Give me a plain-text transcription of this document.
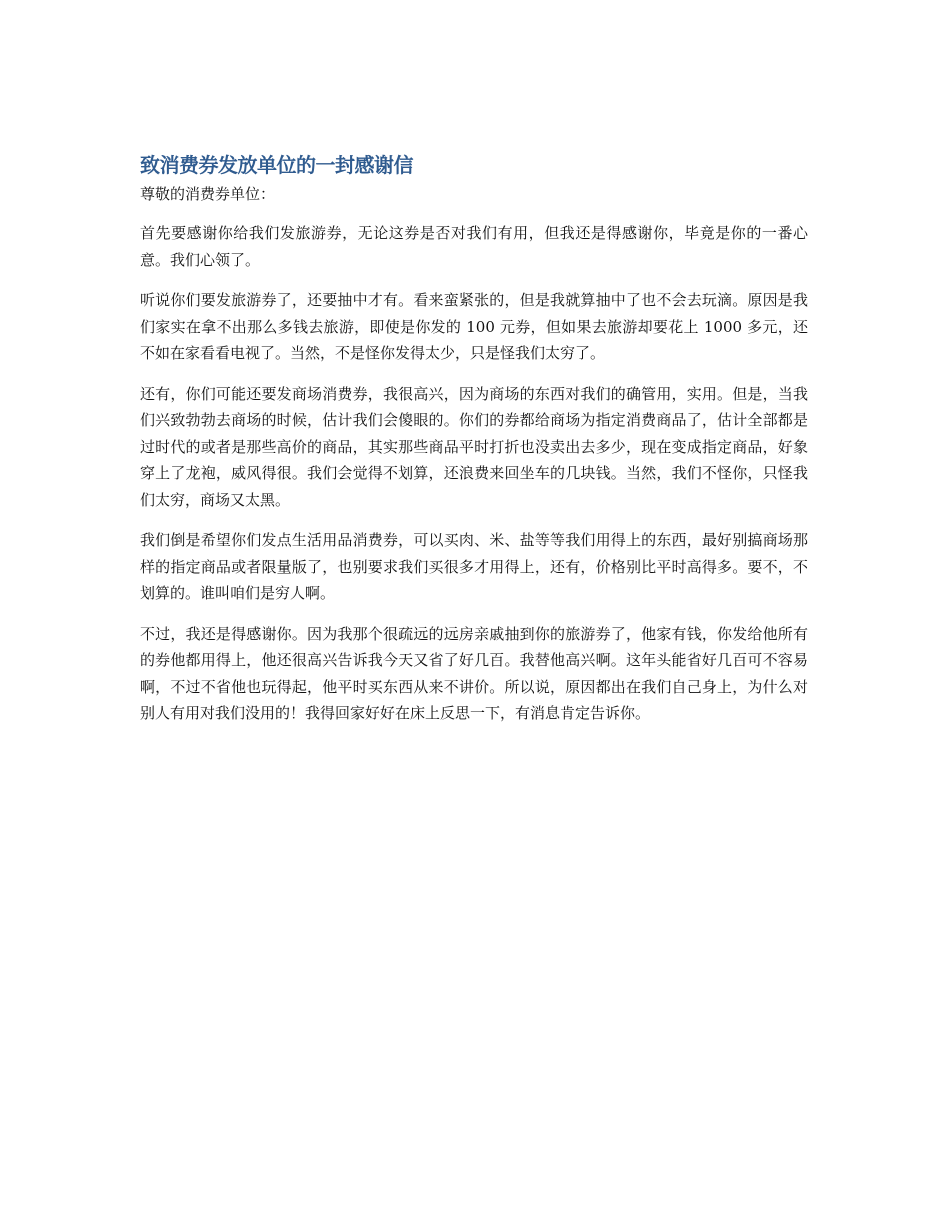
致消费券发放单位的一封感谢信

尊敬的消费券单位：

首先要感谢你给我们发旅游券，无论这券是否对我们有用，但我还是得感谢你，毕竟是你的一番心意。我们心领了。

听说你们要发旅游券了，还要抽中才有。看来蛮紧张的，但是我就算抽中了也不会去玩滴。原因是我们家实在拿不出那么多钱去旅游，即使是你发的 100 元券，但如果去旅游却要花上 1000 多元，还不如在家看看电视了。当然，不是怪你发得太少，只是怪我们太穷了。

还有，你们可能还要发商场消费券，我很高兴，因为商场的东西对我们的确管用，实用。但是，当我们兴致勃勃去商场的时候，估计我们会傻眼的。你们的券都给商场为指定消费商品了，估计全部都是过时代的或者是那些高价的商品，其实那些商品平时打折也没卖出去多少，现在变成指定商品，好象穿上了龙袍，威风得很。我们会觉得不划算，还浪费来回坐车的几块钱。当然，我们不怪你，只怪我们太穷，商场又太黑。

我们倒是希望你们发点生活用品消费券，可以买肉、米、盐等等我们用得上的东西，最好别搞商场那样的指定商品或者限量版了，也别要求我们买很多才用得上，还有，价格别比平时高得多。要不，不划算的。谁叫咱们是穷人啊。

不过，我还是得感谢你。因为我那个很疏远的远房亲戚抽到你的旅游券了，他家有钱，你发给他所有的券他都用得上，他还很高兴告诉我今天又省了好几百。我替他高兴啊。这年头能省好几百可不容易啊，不过不省他也玩得起，他平时买东西从来不讲价。所以说，原因都出在我们自己身上，为什么对别人有用对我们没用的！我得回家好好在床上反思一下，有消息肯定告诉你。
